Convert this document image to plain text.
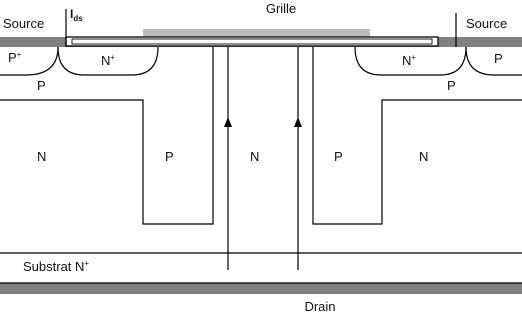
Grille
Source	Source
$I_{ds}$
P+	N+	N+	P
P	P
N	P	N	P	N
Substrat N+
Drain
